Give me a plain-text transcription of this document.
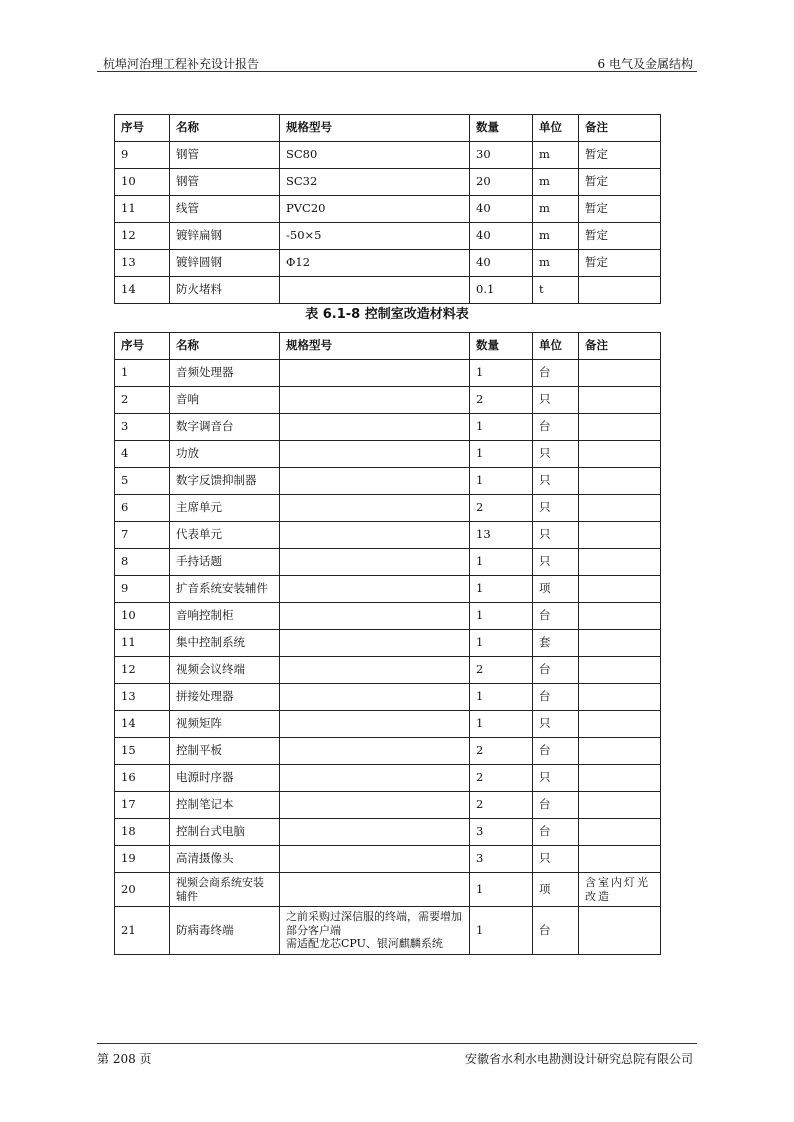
杭埠河治理工程补充设计报告	6 电气及金属结构
序号	名称	规格型号	数量	单位	备注
9	钢管	SC80	30	m	暂定
10	钢管	SC32	20	m	暂定
11	线管	PVC20	40	m	暂定
12	镀锌扁钢	-50×5	40	m	暂定
13	镀锌圆钢	Φ12	40	m	暂定
14	防火堵料		0.1	t	
表 6.1-8 控制室改造材料表
序号	名称	规格型号	数量	单位	备注
1	音频处理器		1	台	
2	音响		2	只	
3	数字调音台		1	台	
4	功放		1	只	
5	数字反馈抑制器		1	只	
6	主席单元		2	只	
7	代表单元		13	只	
8	手持话题		1	只	
9	扩音系统安装辅件		1	项	
10	音响控制柜		1	台	
11	集中控制系统		1	套	
12	视频会议终端		2	台	
13	拼接处理器		1	台	
14	视频矩阵		1	只	
15	控制平板		2	台	
16	电源时序器		2	只	
17	控制笔记本		2	台	
18	控制台式电脑		3	台	
19	高清摄像头		3	只	
20	视频会商系统安装辅件		1	项	含室内灯光改造
21	防病毒终端	之前采购过深信服的终端，需要增加部分客户端
需适配龙芯CPU、银河麒麟系统	1	台	
第 208 页	安徽省水利水电勘测设计研究总院有限公司
